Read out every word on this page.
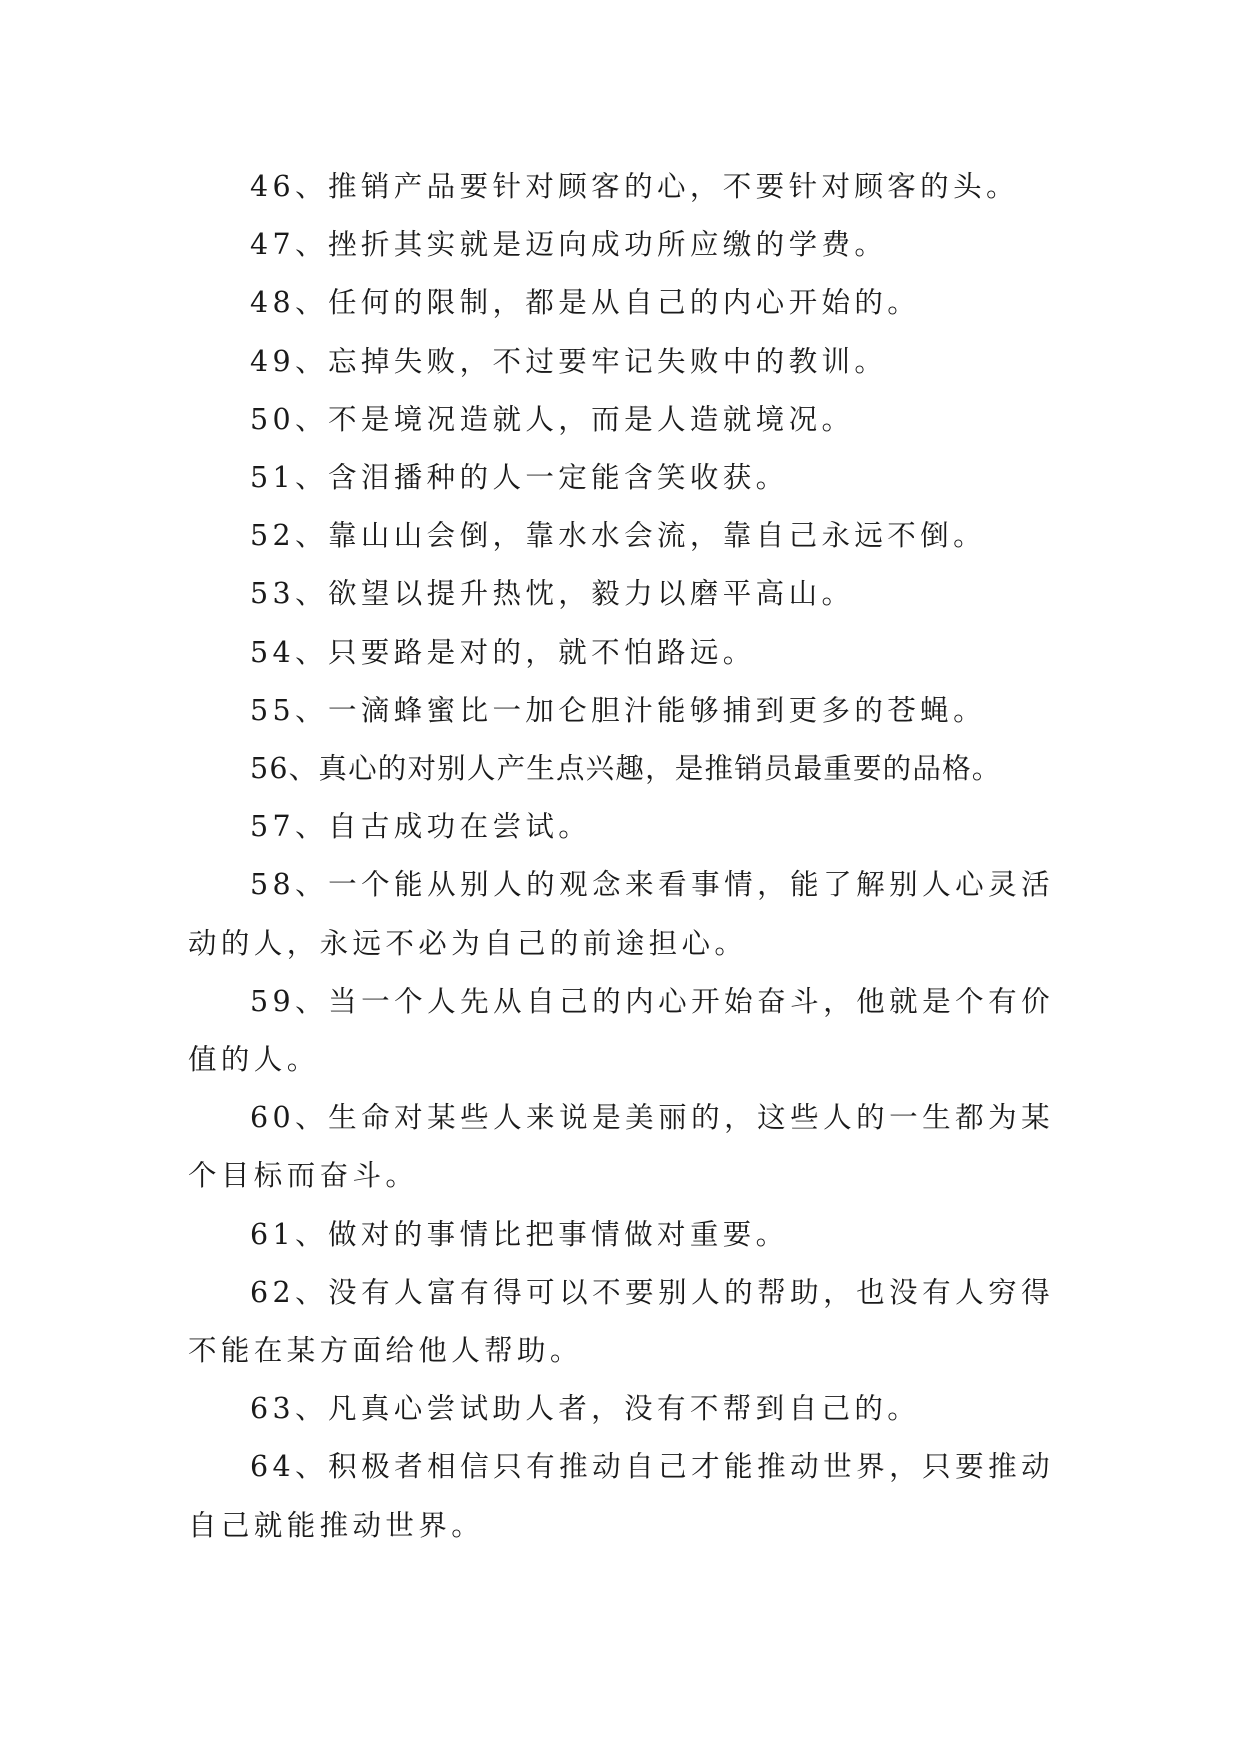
46、推销产品要针对顾客的心，不要针对顾客的头。

47、挫折其实就是迈向成功所应缴的学费。

48、任何的限制，都是从自己的内心开始的。

49、忘掉失败，不过要牢记失败中的教训。

50、不是境况造就人，而是人造就境况。

51、含泪播种的人一定能含笑收获。

52、靠山山会倒，靠水水会流，靠自己永远不倒。

53、欲望以提升热忱，毅力以磨平高山。

54、只要路是对的，就不怕路远。

55、一滴蜂蜜比一加仑胆汁能够捕到更多的苍蝇。

56、真心的对别人产生点兴趣，是推销员最重要的品格。

57、自古成功在尝试。

58、一个能从别人的观念来看事情，能了解别人心灵活动的人，永远不必为自己的前途担心。

59、当一个人先从自己的内心开始奋斗，他就是个有价值的人。

60、生命对某些人来说是美丽的，这些人的一生都为某个目标而奋斗。

61、做对的事情比把事情做对重要。

62、没有人富有得可以不要别人的帮助，也没有人穷得不能在某方面给他人帮助。

63、凡真心尝试助人者，没有不帮到自己的。

64、积极者相信只有推动自己才能推动世界，只要推动自己就能推动世界。
